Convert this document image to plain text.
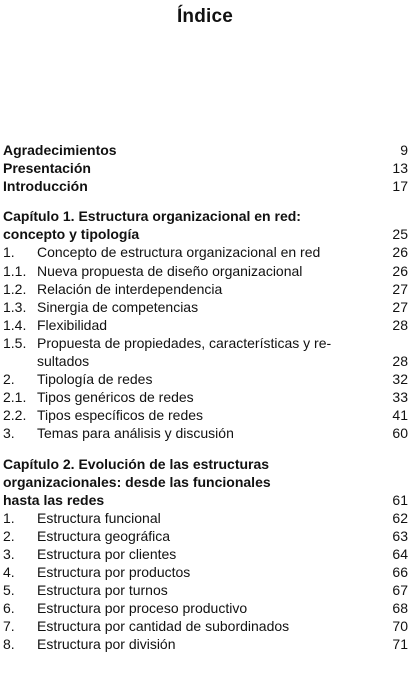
Índice
Agradecimientos	9
Presentación	13
Introducción	17
Capítulo 1. Estructura organizacional en red:
concepto y tipología	25
1. Concepto de estructura organizacional en red	26
1.1. Nueva propuesta de diseño organizacional	26
1.2. Relación de interdependencia	27
1.3. Sinergia de competencias	27
1.4. Flexibilidad	28
1.5. Propuesta de propiedades, características y re-
sultados	28
2. Tipología de redes	32
2.1. Tipos genéricos de redes	33
2.2. Tipos específicos de redes	41
3. Temas para análisis y discusión	60
Capítulo 2. Evolución de las estructuras
organizacionales: desde las funcionales
hasta las redes	61
1. Estructura funcional	62
2. Estructura geográfica	63
3. Estructura por clientes	64
4. Estructura por productos	66
5. Estructura por turnos	67
6. Estructura por proceso productivo	68
7. Estructura por cantidad de subordinados	70
8. Estructura por división	71
